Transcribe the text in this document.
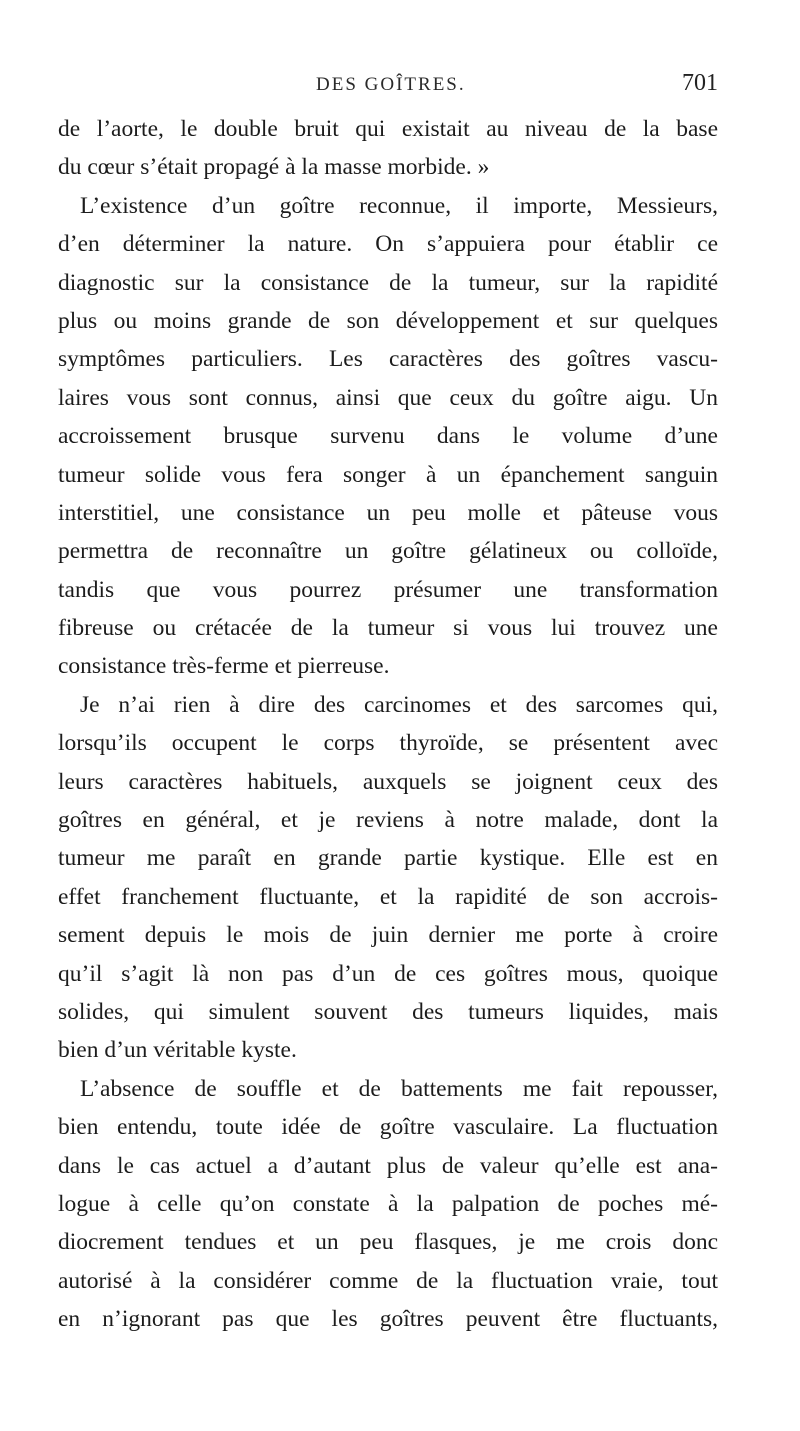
DES GOÎTRES.	701
de l’aorte, le double bruit qui existait au niveau de la base
du cœur s’était propagé à la masse morbide. »
L’existence d’un goître reconnue, il importe, Messieurs,
d’en déterminer la nature. On s’appuiera pour établir ce
diagnostic sur la consistance de la tumeur, sur la rapidité
plus ou moins grande de son développement et sur quelques
symptômes particuliers. Les caractères des goîtres vascu-
laires vous sont connus, ainsi que ceux du goître aigu. Un
accroissement brusque survenu dans le volume d’une
tumeur solide vous fera songer à un épanchement sanguin
interstitiel, une consistance un peu molle et pâteuse vous
permettra de reconnaître un goître gélatineux ou colloïde,
tandis que vous pourrez présumer une transformation
fibreuse ou crétacée de la tumeur si vous lui trouvez une
consistance très-ferme et pierreuse.
Je n’ai rien à dire des carcinomes et des sarcomes qui,
lorsqu’ils occupent le corps thyroïde, se présentent avec
leurs caractères habituels, auxquels se joignent ceux des
goîtres en général, et je reviens à notre malade, dont la
tumeur me paraît en grande partie kystique. Elle est en
effet franchement fluctuante, et la rapidité de son accrois-
sement depuis le mois de juin dernier me porte à croire
qu’il s’agit là non pas d’un de ces goîtres mous, quoique
solides, qui simulent souvent des tumeurs liquides, mais
bien d’un véritable kyste.
L’absence de souffle et de battements me fait repousser,
bien entendu, toute idée de goître vasculaire. La fluctuation
dans le cas actuel a d’autant plus de valeur qu’elle est ana-
logue à celle qu’on constate à la palpation de poches mé-
diocrement tendues et un peu flasques, je me crois donc
autorisé à la considérer comme de la fluctuation vraie, tout
en n’ignorant pas que les goîtres peuvent être fluctuants,
